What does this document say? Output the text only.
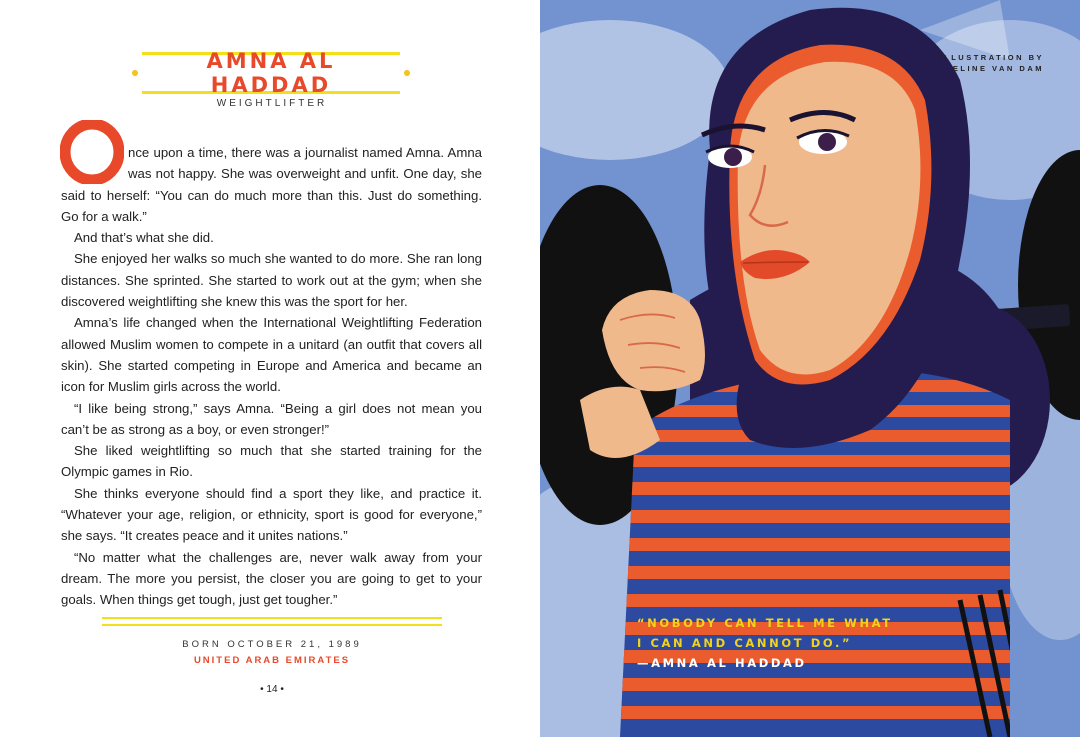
AMNA AL HADDAD
WEIGHTLIFTER
O	nce upon a time, there was a journalist named Amna. Amna was not happy. She was overweight and unfit. One day, she said to herself: “You can do much more than this. Just do something. Go for a walk.”

And that’s what she did.

She enjoyed her walks so much she wanted to do more. She ran long distances. She sprinted. She started to work out at the gym; when she discovered weightlifting she knew this was the sport for her.

Amna’s life changed when the International Weightlifting Federation allowed Muslim women to compete in a unitard (an outfit that covers all skin). She started competing in Europe and America and became an icon for Muslim girls across the world.

“I like being strong,” says Amna. “Being a girl does not mean you can’t be as strong as a boy, or even stronger!”

She liked weightlifting so much that she started training for the Olympic games in Rio.

She thinks everyone should find a sport they like, and practice it. “Whatever your age, religion, or ethnicity, sport is good for everyone,” she says. “It creates peace and it unites nations.”

“No matter what the challenges are, never walk away from your dream. The more you persist, the closer you are going to get to your goals. When things get tough, just get tougher.”

BORN OCTOBER 21, 1989
UNITED ARAB EMIRATES
• 14 •
ILLUSTRATION BY
ELINE VAN DAM
“NOBODY CAN TELL ME WHAT
I CAN AND CANNOT DO.”
—AMNA AL HADDAD
